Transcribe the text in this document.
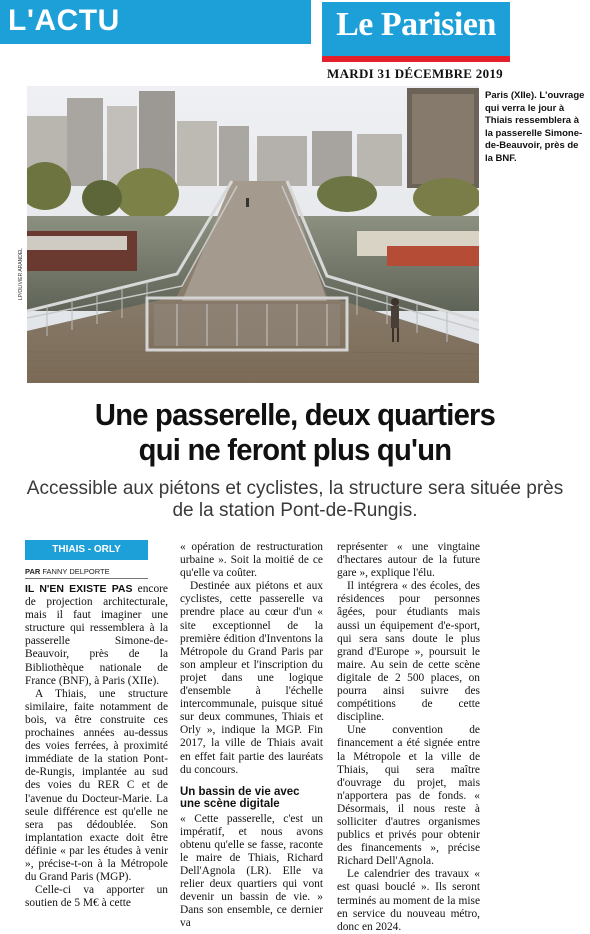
L'ACTU	Le Parisien
MARDI 31 DÉCEMBRE 2019
LP/OLIVIER ARANDEL
Paris (XIIe). L'ouvrage qui verra le jour à Thiais ressemblera à la passerelle Simone-de-Beauvoir, près de la BNF.
Une passerelle, deux quartiers
qui ne feront plus qu'un
Accessible aux piétons et cyclistes, la structure sera située près de la station Pont-de-Rungis.
THIAIS - ORLY
PAR FANNY DELPORTE

IL N'EN EXISTE PAS encore de projection architecturale, mais il faut imaginer une structure qui ressemblera à la passerelle Simone-de-Beauvoir, près de la Bibliothèque nationale de France (BNF), à Paris (XIIe).

A Thiais, une structure similaire, faite notamment de bois, va être construite ces prochaines années au-dessus des voies ferrées, à proximité immédiate de la station Pont-de-Rungis, implantée au sud des voies du RER C et de l'avenue du Docteur-Marie. La seule différence est qu'elle ne sera pas dédoublée. Son implantation exacte doit être définie « par les études à venir », précise-t-on à la Métropole du Grand Paris (MGP).

Celle-ci va apporter un soutien de 5 M€ à cette

« opération de restructuration urbaine ». Soit la moitié de ce qu'elle va coûter.

Destinée aux piétons et aux cyclistes, cette passerelle va prendre place au cœur d'un « site exceptionnel de la première édition d'Inventons la Métropole du Grand Paris par son ampleur et l'inscription du projet dans une logique d'ensemble à l'échelle intercommunale, puisque situé sur deux communes, Thiais et Orly », indique la MGP. Fin 2017, la ville de Thiais avait en effet fait partie des lauréats du concours.

Un bassin de vie avec une scène digitale

« Cette passerelle, c'est un impératif, et nous avons obtenu qu'elle se fasse, raconte le maire de Thiais, Richard Dell'Agnola (LR). Elle va relier deux quartiers qui vont devenir un bassin de vie. » Dans son ensemble, ce dernier va

représenter « une vingtaine d'hectares autour de la future gare », explique l'élu.

Il intégrera « des écoles, des résidences pour personnes âgées, pour étudiants mais aussi un équipement d'e-sport, qui sera sans doute le plus grand d'Europe », poursuit le maire. Au sein de cette scène digitale de 2 500 places, on pourra ainsi suivre des compétitions de cette discipline.

Une convention de financement a été signée entre la Métropole et la ville de Thiais, qui sera maître d'ouvrage du projet, mais n'apportera pas de fonds. « Désormais, il nous reste à solliciter d'autres organismes publics et privés pour obtenir des financements », précise Richard Dell'Agnola.

Le calendrier des travaux « est quasi bouclé ». Ils seront terminés au moment de la mise en service du nouveau métro, donc en 2024.
